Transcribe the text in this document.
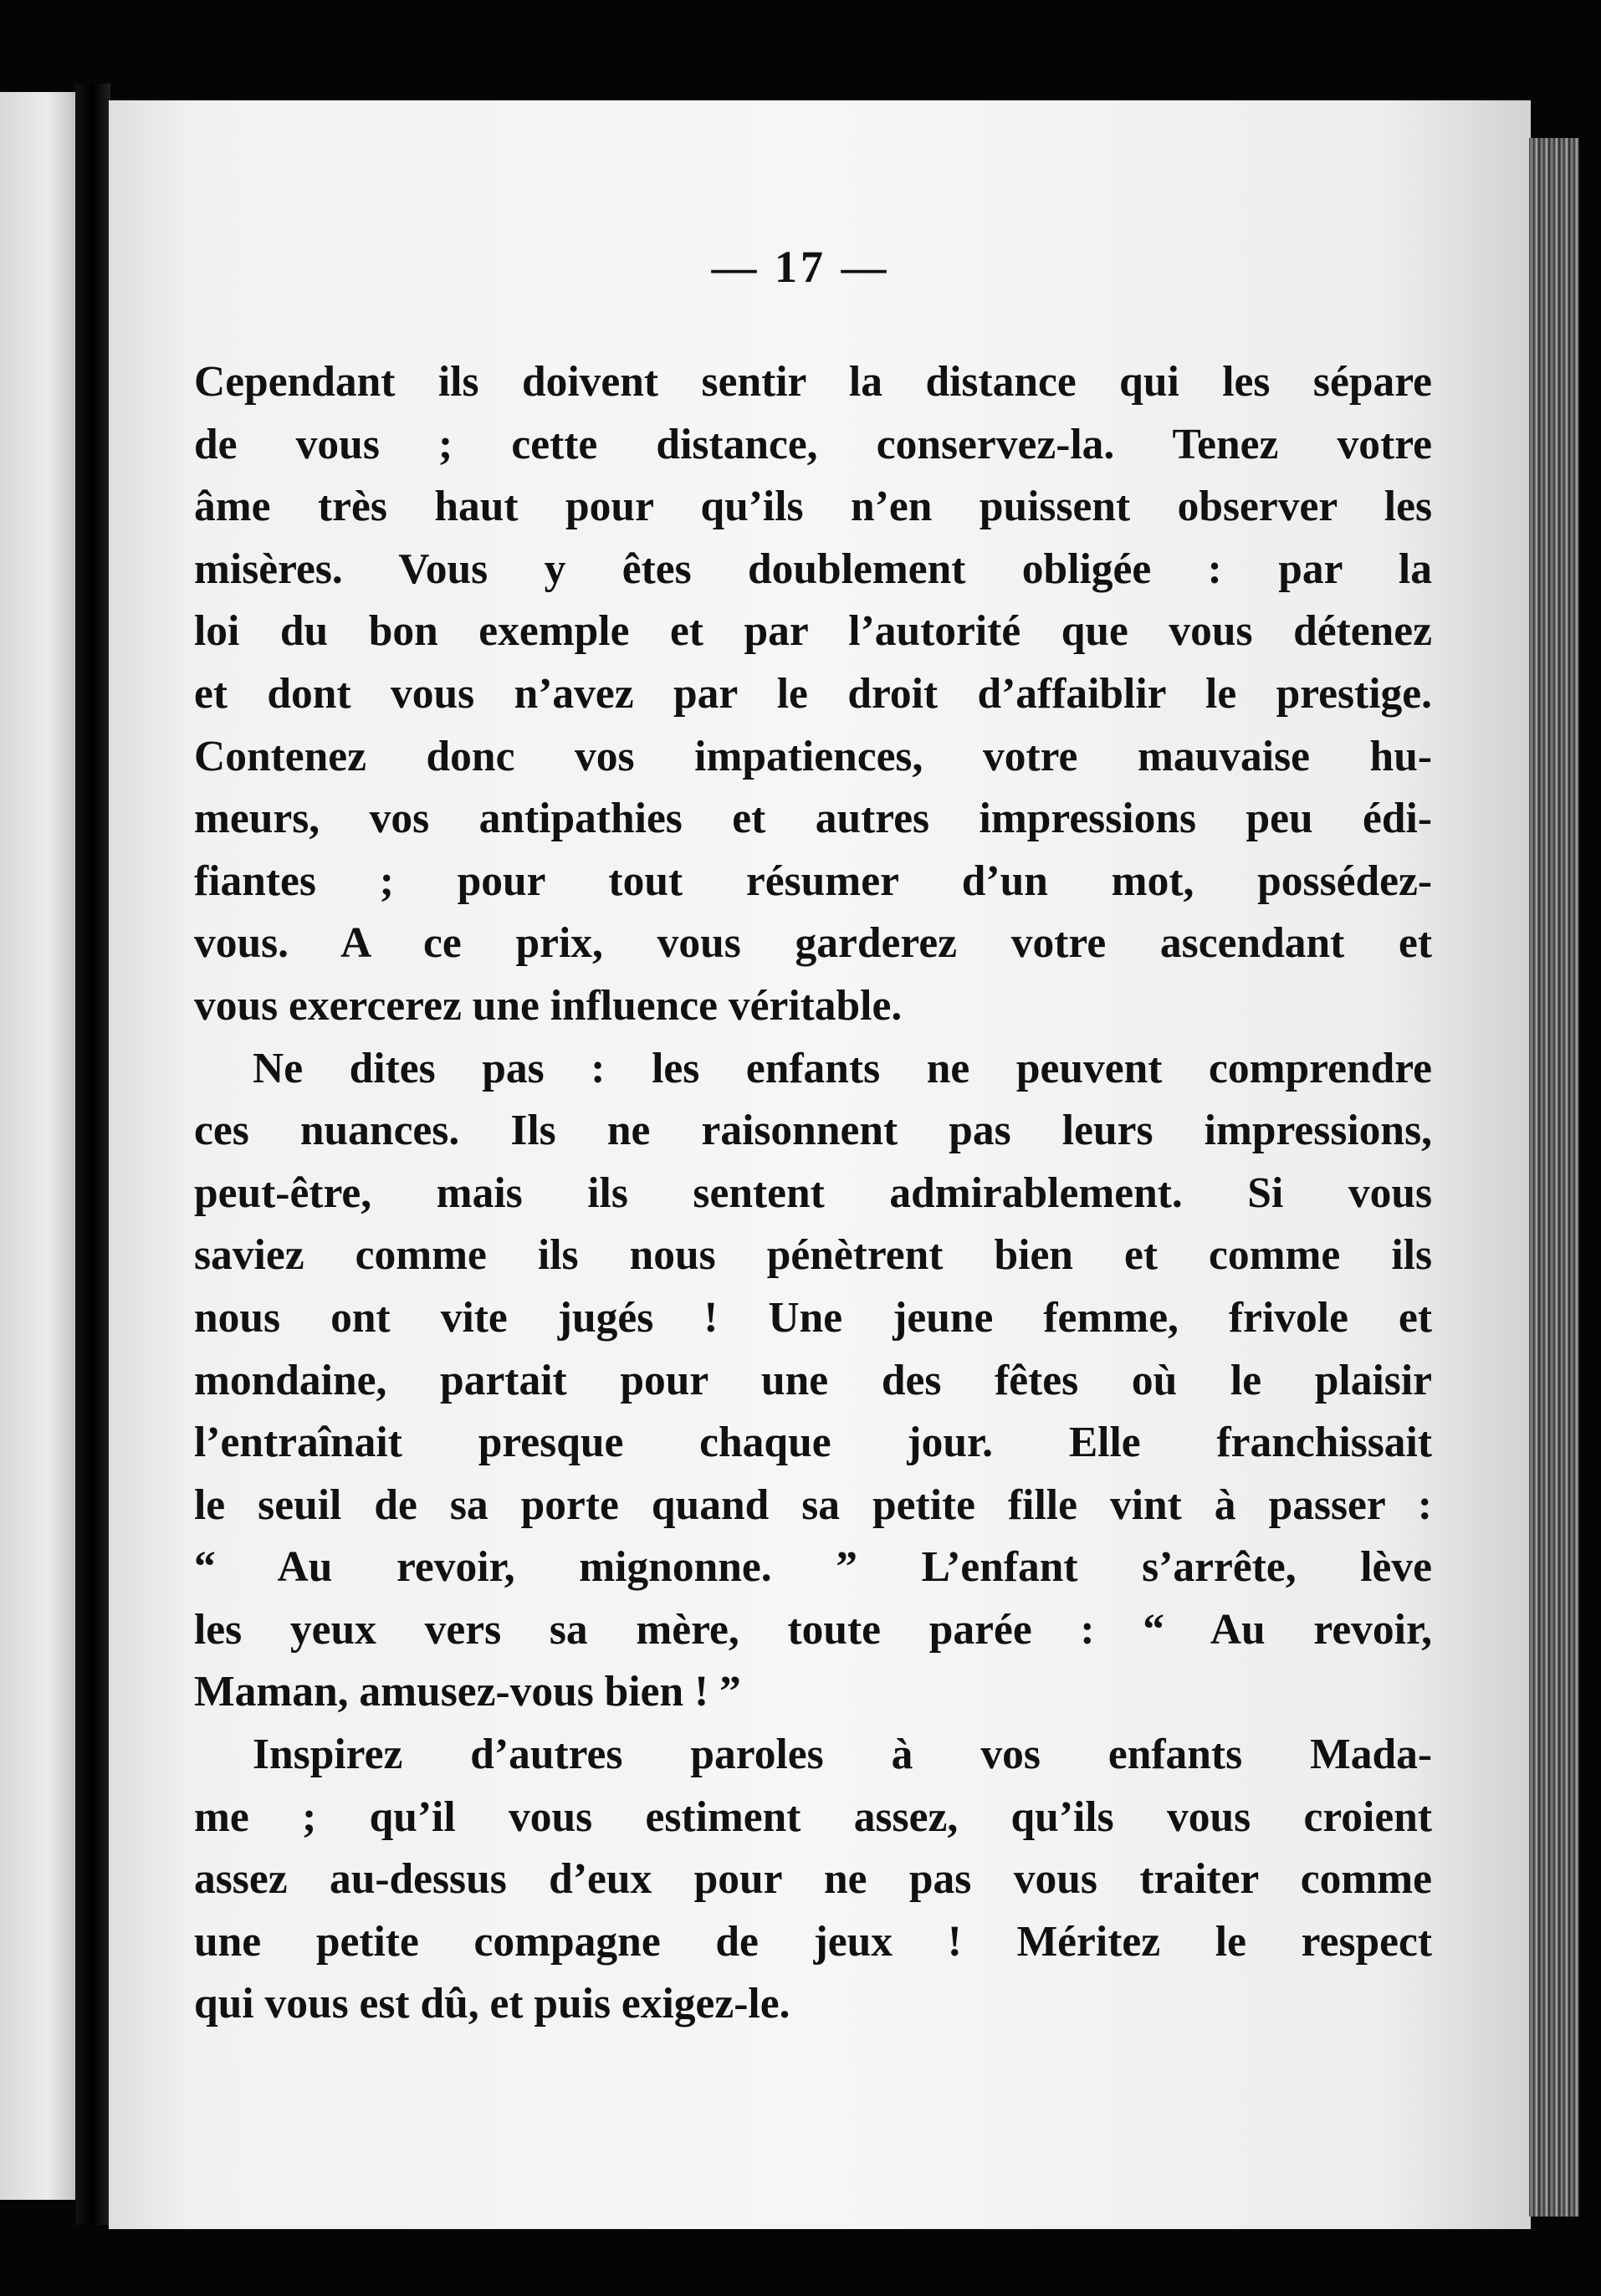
— 17 —
Cependant ils doivent sentir la distance qui les sépare
de vous ; cette distance, conservez-la. Tenez votre
âme très haut pour qu’ils n’en puissent observer les
misères. Vous y êtes doublement obligée : par la
loi du bon exemple et par l’autorité que vous détenez
et dont vous n’avez par le droit d’affaiblir le prestige.
Contenez donc vos impatiences, votre mauvaise hu-
meurs, vos antipathies et autres impressions peu édi-
fiantes ; pour tout résumer d’un mot, possédez-
vous. A ce prix, vous garderez votre ascendant et
vous exercerez une influence véritable.
Ne dites pas : les enfants ne peuvent comprendre
ces nuances. Ils ne raisonnent pas leurs impressions,
peut-être, mais ils sentent admirablement. Si vous
saviez comme ils nous pénètrent bien et comme ils
nous ont vite jugés ! Une jeune femme, frivole et
mondaine, partait pour une des fêtes où le plaisir
l’entraînait presque chaque jour. Elle franchissait
le seuil de sa porte quand sa petite fille vint à passer :
“ Au revoir, mignonne. ” L’enfant s’arrête, lève
les yeux vers sa mère, toute parée : “ Au revoir,
Maman, amusez-vous bien ! ”
Inspirez d’autres paroles à vos enfants Mada-
me ; qu’il vous estiment assez, qu’ils vous croient
assez au-dessus d’eux pour ne pas vous traiter comme
une petite compagne de jeux ! Méritez le respect
qui vous est dû, et puis exigez-le.
